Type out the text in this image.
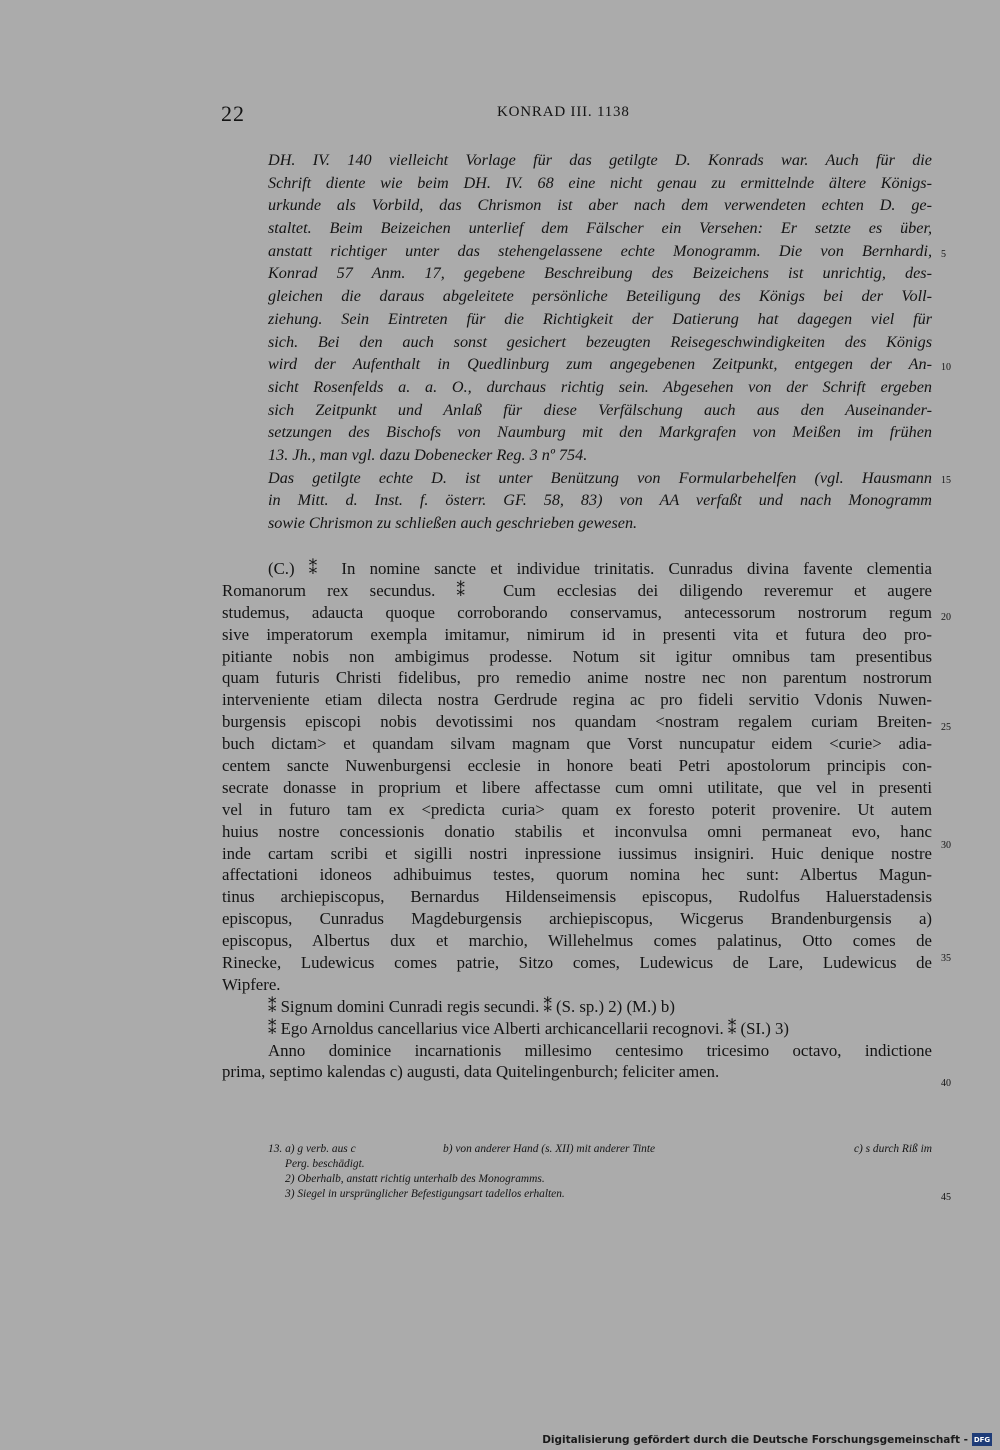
22	KONRAD III. 1138
DH. IV. 140 vielleicht Vorlage für das getilgte D. Konrads war. Auch für die
Schrift diente wie beim DH. IV. 68 eine nicht genau zu ermittelnde ältere Königs-
urkunde als Vorbild, das Chrismon ist aber nach dem verwendeten echten D. ge-
staltet. Beim Beizeichen unterlief dem Fälscher ein Versehen: Er setzte es über,
anstatt richtiger unter das stehengelassene echte Monogramm. Die von Bernhardi,
Konrad 57 Anm. 17, gegebene Beschreibung des Beizeichens ist unrichtig, des-
gleichen die daraus abgeleitete persönliche Beteiligung des Königs bei der Voll-
ziehung. Sein Eintreten für die Richtigkeit der Datierung hat dagegen viel für
sich. Bei den auch sonst gesichert bezeugten Reisegeschwindigkeiten des Königs
wird der Aufenthalt in Quedlinburg zum angegebenen Zeitpunkt, entgegen der An-
sicht Rosenfelds a. a. O., durchaus richtig sein. Abgesehen von der Schrift ergeben
sich Zeitpunkt und Anlaß für diese Verfälschung auch aus den Auseinander-
setzungen des Bischofs von Naumburg mit den Markgrafen von Meißen im frühen
13. Jh., man vgl. dazu Dobenecker Reg. 3 nº 754.
Das getilgte echte D. ist unter Benützung von Formularbehelfen (vgl. Hausmann
in Mitt. d. Inst. f. österr. GF. 58, 83) von AA verfaßt und nach Monogramm
sowie Chrismon zu schließen auch geschrieben gewesen.
(C.) ⁑ In nomine sancte et individue trinitatis. Cunradus divina favente clementia
Romanorum rex secundus. ⁑ Cum ecclesias dei diligendo reveremur et augere
studemus, adaucta quoque corroborando conservamus, antecessorum nostrorum regum
sive imperatorum exempla imitamur, nimirum id in presenti vita et futura deo pro-
pitiante nobis non ambigimus prodesse. Notum sit igitur omnibus tam presentibus
quam futuris Christi fidelibus, pro remedio anime nostre nec non parentum nostrorum
interveniente etiam dilecta nostra Gerdrude regina ac pro fideli servitio Vdonis Nuwen-
burgensis episcopi nobis devotissimi nos quandam <nostram regalem curiam Breiten-
buch dictam> et quandam silvam magnam que Vorst nuncupatur eidem <curie> adia-
centem sancte Nuwenburgensi ecclesie in honore beati Petri apostolorum principis con-
secrate donasse in proprium et libere affectasse cum omni utilitate, que vel in presenti
vel in futuro tam ex <predicta curia> quam ex foresto poterit provenire. Ut autem
huius nostre concessionis donatio stabilis et inconvulsa omni permaneat evo, hanc
inde cartam scribi et sigilli nostri inpressione iussimus insigniri. Huic denique nostre
affectationi idoneos adhibuimus testes, quorum nomina hec sunt: Albertus Magun-
tinus archiepiscopus, Bernardus Hildenseimensis episcopus, Rudolfus Haluerstadensis
episcopus, Cunradus Magdeburgensis archiepiscopus, Wicgerus Brandenburgensis a)
episcopus, Albertus dux et marchio, Willehelmus comes palatinus, Otto comes de
Rinecke, Ludewicus comes patrie, Sitzo comes, Ludewicus de Lare, Ludewicus de
Wipfere.
⁑ Signum domini Cunradi regis secundi. ⁑ (S. sp.) 2) (M.) b)
⁑ Ego Arnoldus cancellarius vice Alberti archicancellarii recognovi. ⁑ (SI.) 3)
Anno dominice incarnationis millesimo centesimo tricesimo octavo, indictione
prima, septimo kalendas c) augusti, data Quitelingenburch; feliciter amen.
13. a) g verb. aus c	b) von anderer Hand (s. XII) mit anderer Tinte	c) s durch Riß im
Perg. beschädigt.
2) Oberhalb, anstatt richtig unterhalb des Monogramms.
3) Siegel in ursprünglicher Befestigungsart tadellos erhalten.
5
10
15
20
25
30
35
40
45
Digitalisierung gefördert durch die Deutsche Forschungsgemeinschaft - DFG
